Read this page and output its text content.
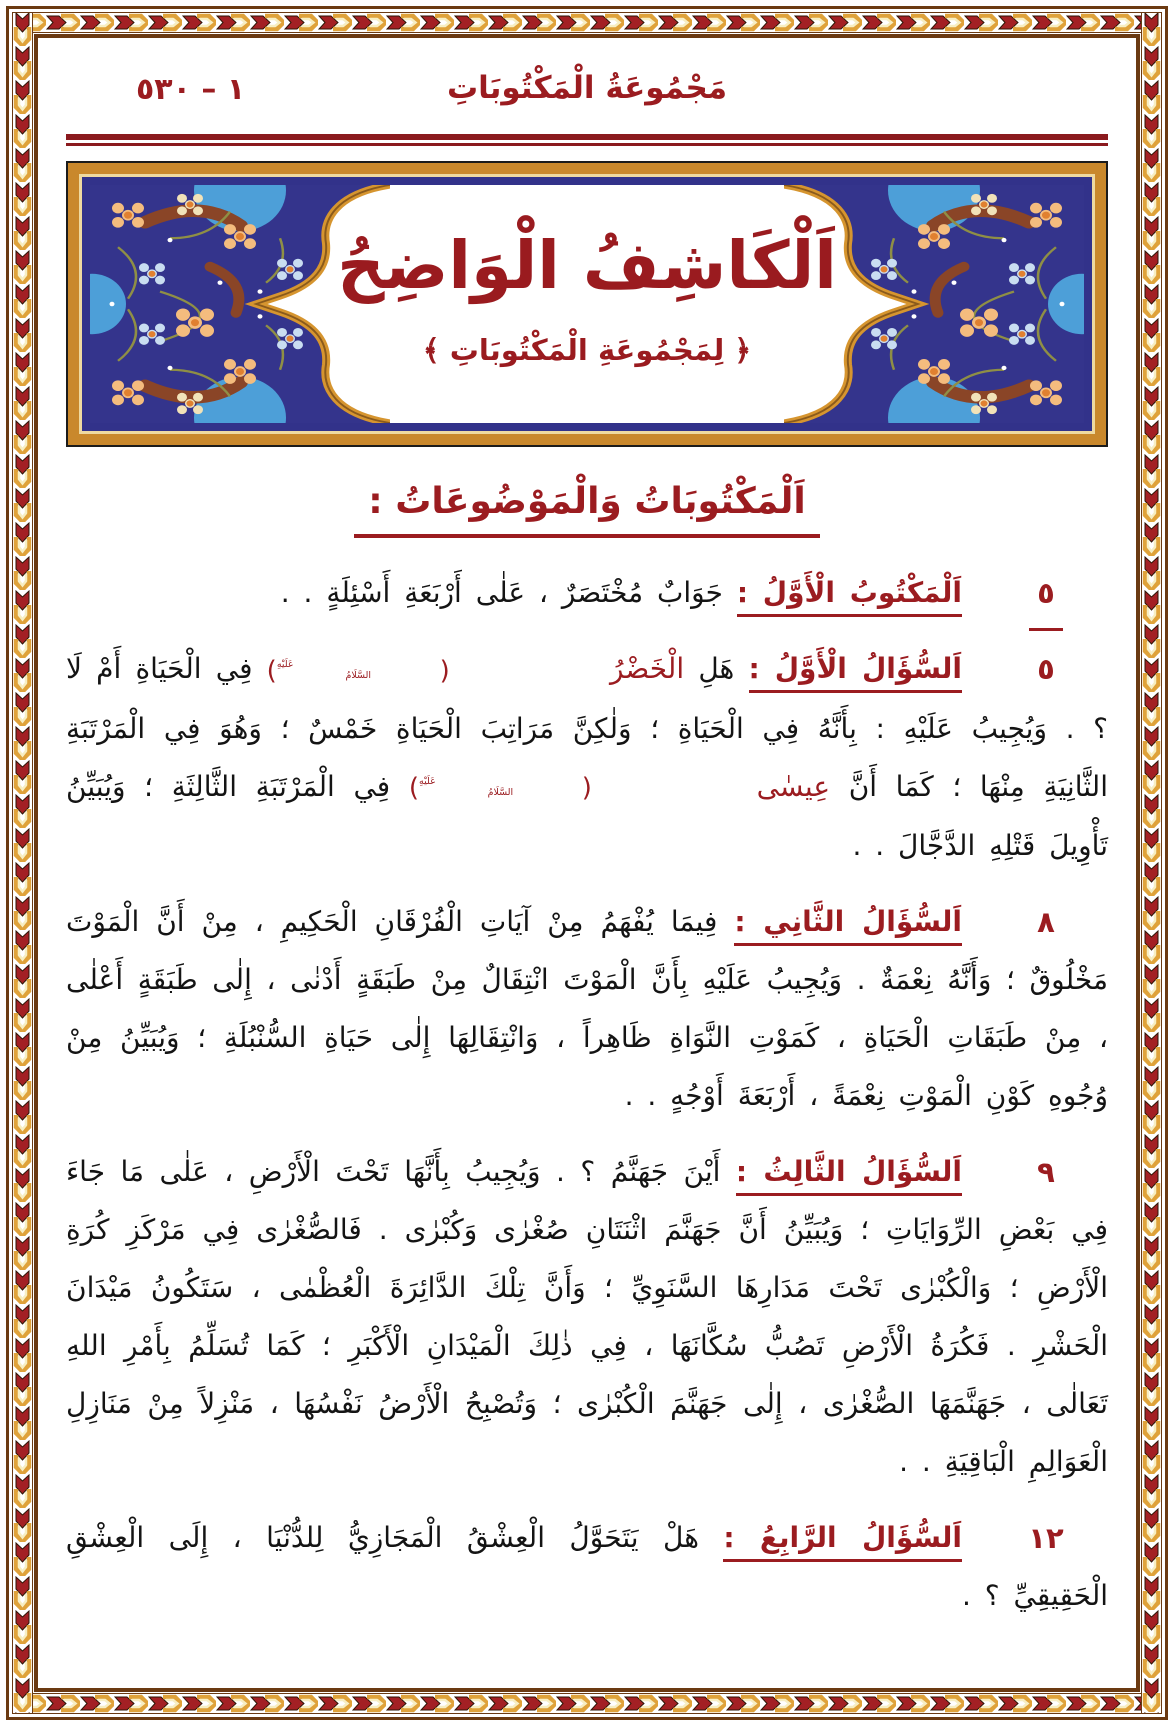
مَجْمُوعَةُ الْمَكْتُوبَاتِ
١ – ٥٣٠
اَلْكَاشِفُ الْوَاضِحُ
﴿ لِمَجْمُوعَةِ الْمَكْتُوبَاتِ ﴾
اَلْمَكْتُوبَاتُ وَالْمَوْضُوعَاتُ :
٥
اَلْمَكْتُوبُ الْأَوَّلُ : جَوَابٌ مُخْتَصَرٌ ، عَلٰى أَرْبَعَةِ أَسْئِلَةٍ . .
٥
اَلسُّؤَالُ الْأَوَّلُ : هَلِ الْخَضْرُ (عَلَيْهِ
السَّلَامُ) فِي الْحَيَاةِ أَمْ لَا ؟ . وَيُجِيبُ عَلَيْهِ : بِأَنَّهُ فِي الْحَيَاةِ ؛ وَلٰكِنَّ مَرَاتِبَ الْحَيَاةِ خَمْسٌ ؛ وَهُوَ فِي الْمَرْتَبَةِ الثَّانِيَةِ مِنْهَا ؛ كَمَا أَنَّ عِيسٰى (عَلَيْهِ
السَّلَامُ) فِي الْمَرْتَبَةِ الثَّالِثَةِ ؛ وَيُبَيِّنُ تَأْوِيلَ قَتْلِهِ الدَّجَّالَ . .
٨
اَلسُّؤَالُ الثَّانِي : فِيمَا يُفْهَمُ مِنْ آيَاتِ الْفُرْقَانِ الْحَكِيمِ ، مِنْ أَنَّ الْمَوْتَ مَخْلُوقٌ ؛ وَأَنَّهُ نِعْمَةٌ . وَيُجِيبُ عَلَيْهِ بِأَنَّ الْمَوْتَ انْتِقَالٌ مِنْ طَبَقَةٍ أَدْنٰى ، إِلٰى طَبَقَةٍ أَعْلٰى ، مِنْ طَبَقَاتِ الْحَيَاةِ ، كَمَوْتِ النَّوَاةِ ظَاهِراً ، وَانْتِقَالِهَا إِلٰى حَيَاةِ السُّنْبُلَةِ ؛ وَيُبَيِّنُ مِنْ وُجُوهِ كَوْنِ الْمَوْتِ نِعْمَةً ، أَرْبَعَةَ أَوْجُهٍ . .
٩
اَلسُّؤَالُ الثَّالِثُ : أَيْنَ جَهَنَّمُ ؟ . وَيُجِيبُ بِأَنَّهَا تَحْتَ الْأَرْضِ ، عَلٰى مَا جَاءَ فِي بَعْضِ الرِّوَايَاتِ ؛ وَيُبَيِّنُ أَنَّ جَهَنَّمَ اثْنَتَانِ صُغْرٰى وَكُبْرٰى . فَالصُّغْرٰى فِي مَرْكَزِ كُرَةِ الْأَرْضِ ؛ وَالْكُبْرٰى تَحْتَ مَدَارِهَا السَّنَوِيِّ ؛ وَأَنَّ تِلْكَ الدَّائِرَةَ الْعُظْمٰى ، سَتَكُونُ مَيْدَانَ الْحَشْرِ . فَكُرَةُ الْأَرْضِ تَصُبُّ سُكَّانَهَا ، فِي ذٰلِكَ الْمَيْدَانِ الْأَكْبَرِ ؛ كَمَا تُسَلِّمُ بِأَمْرِ اللهِ تَعَالٰى ، جَهَنَّمَهَا الصُّغْرٰى ، إِلٰى جَهَنَّمَ الْكُبْرٰى ؛ وَتُصْبِحُ الْأَرْضُ نَفْسُهَا ، مَنْزِلاً مِنْ مَنَازِلِ الْعَوَالِمِ الْبَاقِيَةِ . .
١٢
اَلسُّؤَالُ الرَّابِعُ : هَلْ يَتَحَوَّلُ الْعِشْقُ الْمَجَازِيُّ لِلدُّنْيَا ، إِلَى الْعِشْقِ الْحَقِيقِيِّ ؟ .
